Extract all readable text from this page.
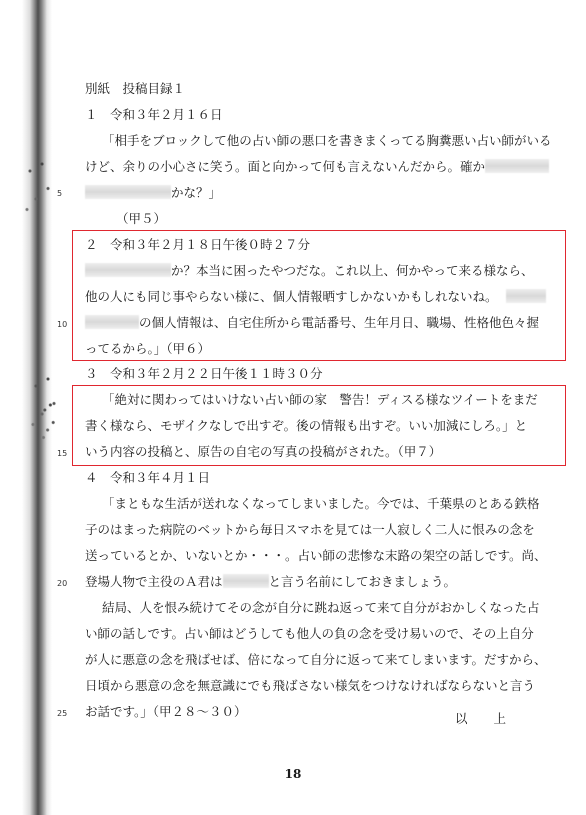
別紙　投稿目録１
１　令和３年２月１６日
「相手をブロックして他の占い師の悪口を書きまくってる胸糞悪い占い師がいる
けど、余りの小心さに笑う。面と向かって何も言えないんだから。確か
かな？」
（甲５）
２　令和３年２月１８日午後０時２７分
か？本当に困ったやつだな。これ以上、何かやって来る様なら、
他の人にも同じ事やらない様に、個人情報晒すしかないかもしれないね。
の個人情報は、自宅住所から電話番号、生年月日、職場、性格他色々握
ってるから。」（甲６）
３　令和３年２月２２日午後１１時３０分
「絶対に関わってはいけない占い師の家　警告！ディスる様なツイートをまだ
書く様なら、モザイクなしで出すぞ。後の情報も出すぞ。いい加減にしろ。」と
いう内容の投稿と、原告の自宅の写真の投稿がされた。（甲７）
４　令和３年４月１日
「まともな生活が送れなくなってしまいました。今では、千葉県のとある鉄格
子のはまった病院のベットから毎日スマホを見ては一人寂しく二人に恨みの念を
送っているとか、いないとか・・・。占い師の悲惨な末路の架空の話しです。尚、
登場人物で主役のＡ君は	と言う名前にしておきましょう。
結局、人を恨み続けてその念が自分に跳ね返って来て自分がおかしくなった占
い師の話しです。占い師はどうしても他人の負の念を受け易いので、その上自分
が人に悪意の念を飛ばせば、倍になって自分に返って来てしまいます。だすから、
日頃から悪意の念を無意識にでも飛ばさない様気をつけなければならないと言う
お話です。」（甲２８～３０）	以上
5
10
15
20
25
18
